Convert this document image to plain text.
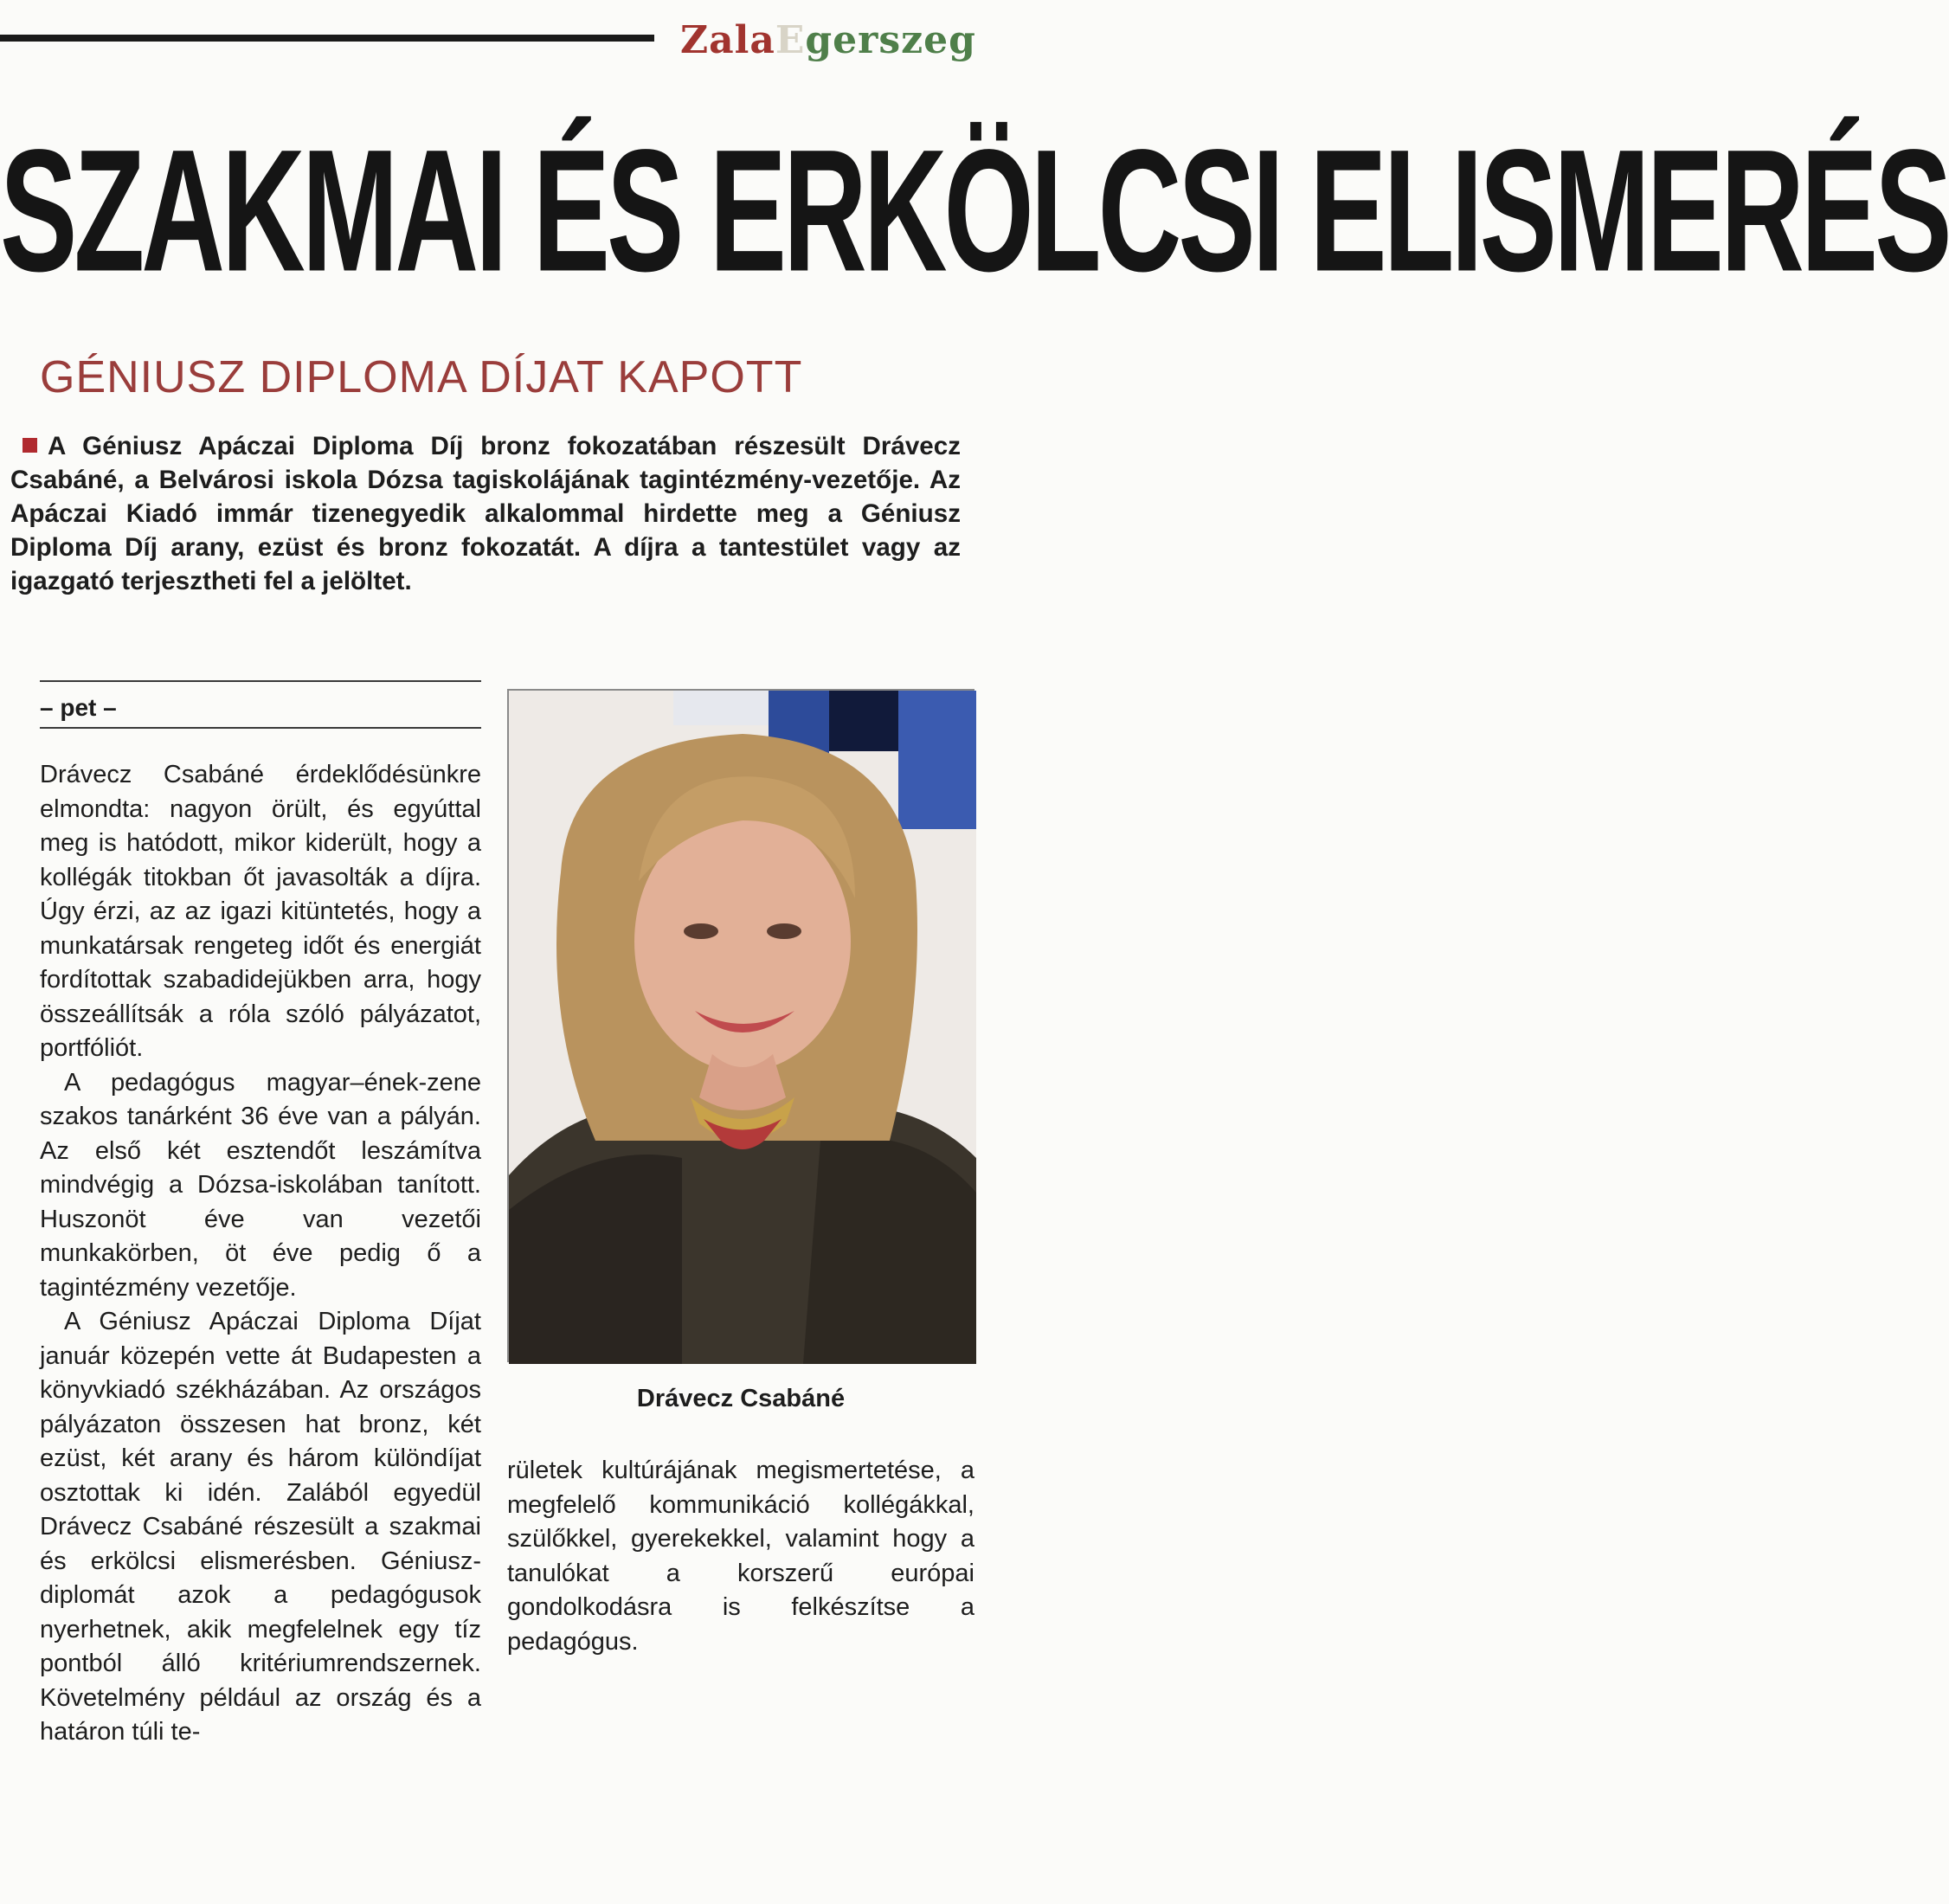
ZalaEgerszeg
SZAKMAI ÉS ERKÖLCSI ELISMERÉS
GÉNIUSZ DIPLOMA DÍJAT KAPOTT
A Géniusz Apáczai Diploma Díj bronz fokozatában részesült Drávecz Csabáné, a Belvárosi iskola Dózsa tagiskolájának tagintézmény-vezetője. Az Apáczai Kiadó immár tizenegyedik alkalommal hirdette meg a Géniusz Diploma Díj arany, ezüst és bronz fokozatát. A díjra a tantestület vagy az igazgató terjesztheti fel a jelöltet.
– pet –

Drávecz Csabáné érdeklődésünkre elmondta: nagyon örült, és egyúttal meg is hatódott, mikor kiderült, hogy a kollégák titokban őt javasolták a díjra. Úgy érzi, az az igazi kitüntetés, hogy a munkatársak rengeteg időt és energiát fordítottak szabadidejükben arra, hogy összeállítsák a róla szóló pályázatot, portfóliót.

A pedagógus magyar–ének-zene szakos tanárként 36 éve van a pályán. Az első két esztendőt leszámítva mindvégig a Dózsa-iskolában tanított. Huszonöt éve van vezetői munkakörben, öt éve pedig ő a tagintézmény vezetője.

A Géniusz Apáczai Diploma Díjat január közepén vette át Budapesten a könyvkiadó székházában. Az országos pályázaton összesen hat bronz, két ezüst, két arany és három különdíjat osztottak ki idén. Zalából egyedül Drávecz Csabáné részesült a szakmai és erkölcsi elismerésben. Géniusz-diplomát azok a pedagógusok nyerhetnek, akik megfelelnek egy tíz pontból álló kritériumrendszernek. Követelmény például az ország és a határon túli te-

Drávecz Csabáné

rületek kultúrájának megismertetése, a megfelelő kommunikáció kollégákkal, szülőkkel, gyerekekkel, valamint hogy a tanulókat a korszerű európai gondolkodásra is felkészítse a pedagógus.
